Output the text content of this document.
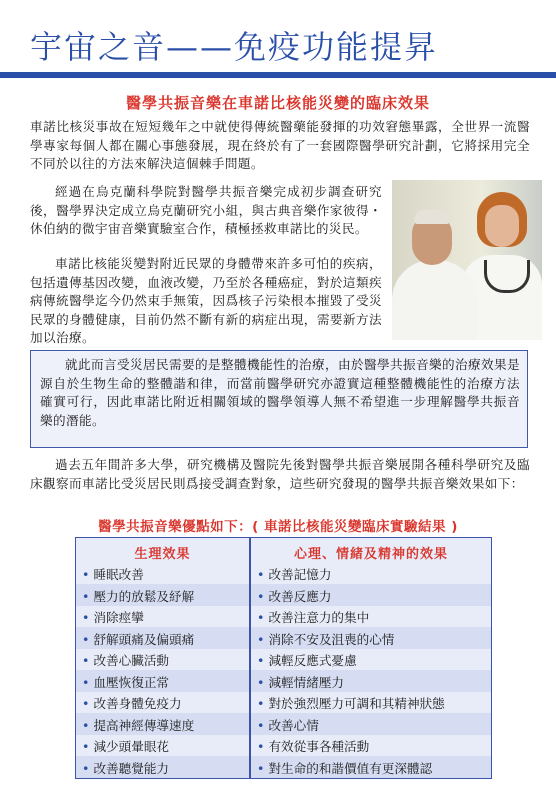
宇宙之音——免疫功能提昇
醫學共振音樂在車諾比核能災變的臨床效果

車諾比核災事故在短短幾年之中就使得傳統醫藥能發揮的功效窘態畢露，全世界一流醫學專家每個人都在關心事態發展，現在終於有了一套國際醫學研究計劃，它將採用完全不同於以往的方法來解決這個棘手問題。

經過在烏克蘭科學院對醫學共振音樂完成初步調查研究後，醫學界決定成立烏克蘭研究小組，與古典音樂作家彼得・休伯納的微宇宙音樂實驗室合作，積極拯救車諾比的災民。

車諾比核能災變對附近民眾的身體帶來許多可怕的疾病，包括遺傳基因改變，血液改變，乃至於各種癌症，對於這類疾病傳統醫學迄今仍然束手無策，因爲核子污染根本摧毀了受災民眾的身體健康，目前仍然不斷有新的病症出現，需要新方法加以治療。

就此而言受災居民需要的是整體機能性的治療，由於醫學共振音樂的治療效果是源自於生物生命的整體諧和律，而當前醫學研究亦證實這種整體機能性的治療方法確實可行，因此車諾比附近相關領域的醫學領導人無不希望進一步理解醫學共振音樂的潛能。

過去五年間許多大學，研究機構及醫院先後對醫學共振音樂展開各種科學研究及臨床觀察而車諾比受災居民則爲接受調查對象，這些研究發現的醫學共振音樂效果如下：

醫學共振音樂優點如下：( 車諾比核能災變臨床實驗結果 )
生理效果	心理、情緒及精神的效果
• 睡眠改善	• 改善記憶力
• 壓力的放鬆及紓解	• 改善反應力
• 消除痙攣	• 改善注意力的集中
• 舒解頭痛及偏頭痛	• 消除不安及沮喪的心情
• 改善心臟活動	• 減輕反應式憂慮
• 血壓恢復正常	• 減輕情緒壓力
• 改善身體免疫力	• 對於強烈壓力可調和其精神狀態
• 提高神經傳導速度	• 改善心情
• 減少頭暈眼花	• 有效從事各種活動
• 改善聽覺能力	• 對生命的和諧價值有更深體認
